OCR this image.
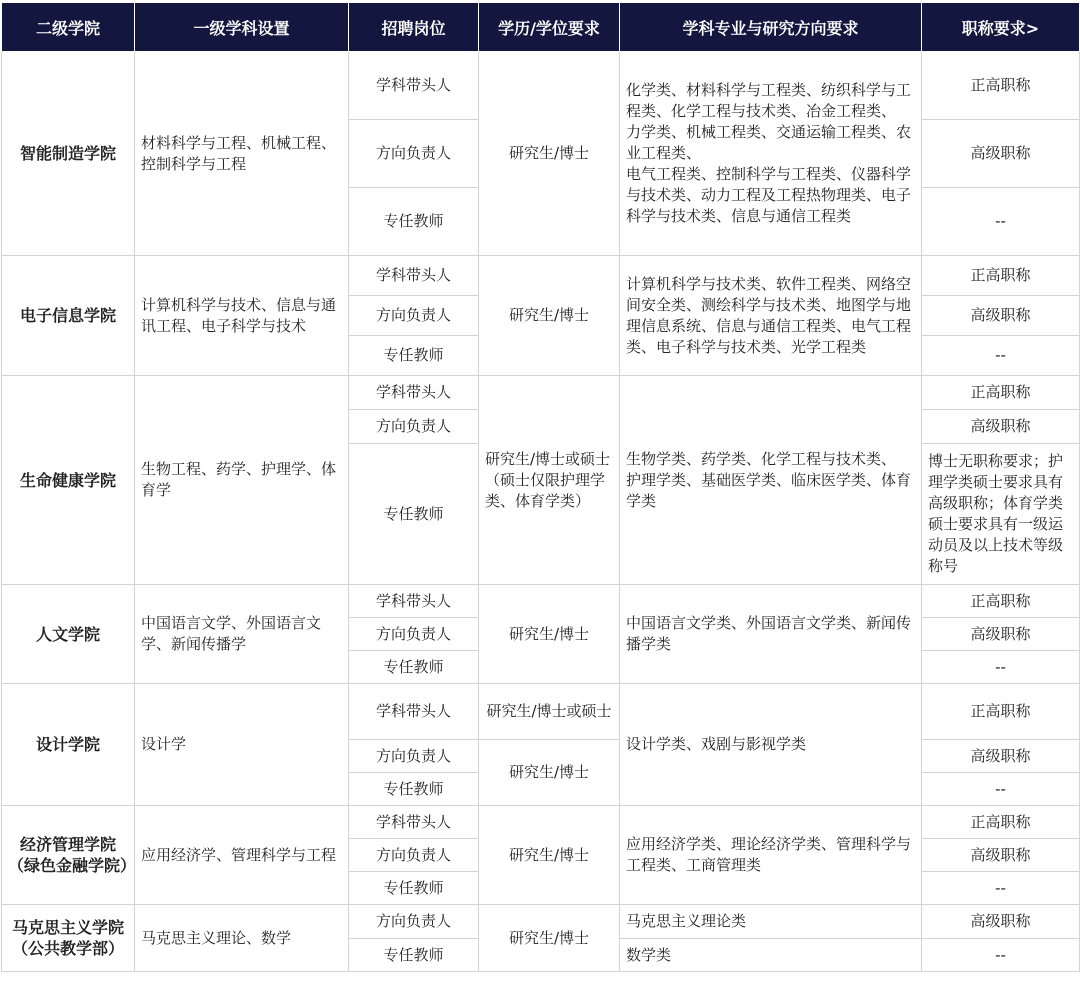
二级学院	一级学科设置	招聘岗位	学历/学位要求	学科专业与研究方向要求	职称要求>
智能制造学院	材料科学与工程、机械工程、控制科学与工程	学科带头人	研究生/博士	化学类、材料科学与工程类、纺织科学与工程类、化学工程与技术类、冶金工程类、
力学类、机械工程类、交通运输工程类、农业工程类、
电气工程类、控制科学与工程类、仪器科学与技术类、动力工程及工程热物理类、电子科学与技术类、信息与通信工程类	正高职称
		方向负责人			高级职称
		专任教师			--
电子信息学院	计算机科学与技术、信息与通讯工程、电子科学与技术	学科带头人	研究生/博士	计算机科学与技术类、软件工程类、网络空间安全类、测绘科学与技术类、地图学与地理信息系统、信息与通信工程类、电气工程类、电子科学与技术类、光学工程类	正高职称
		方向负责人			高级职称
		专任教师			--
生命健康学院	生物工程、药学、护理学、体育学	学科带头人	研究生/博士或硕士（硕士仅限护理学类、体育学类）	生物学类、药学类、化学工程与技术类、
护理学类、基础医学类、临床医学类、体育学类	正高职称
		方向负责人			高级职称
		专任教师			博士无职称要求；护理学类硕士要求具有高级职称；体育学类硕士要求具有一级运动员及以上技术等级称号
人文学院	中国语言文学、外国语言文学、新闻传播学	学科带头人	研究生/博士	中国语言文学类、外国语言文学类、新闻传播学类	正高职称
		方向负责人			高级职称
		专任教师			--
设计学院	设计学	学科带头人	研究生/博士或硕士	设计学类、戏剧与影视学类	正高职称
		方向负责人	研究生/博士		高级职称
		专任教师			--
经济管理学院（绿色金融学院）	应用经济学、管理科学与工程	学科带头人	研究生/博士	应用经济学类、理论经济学类、管理科学与工程类、工商管理类	正高职称
		方向负责人			高级职称
		专任教师			--
马克思主义学院（公共教学部）	马克思主义理论、数学	方向负责人	研究生/博士	马克思主义理论类	高级职称
		专任教师		数学类	--
